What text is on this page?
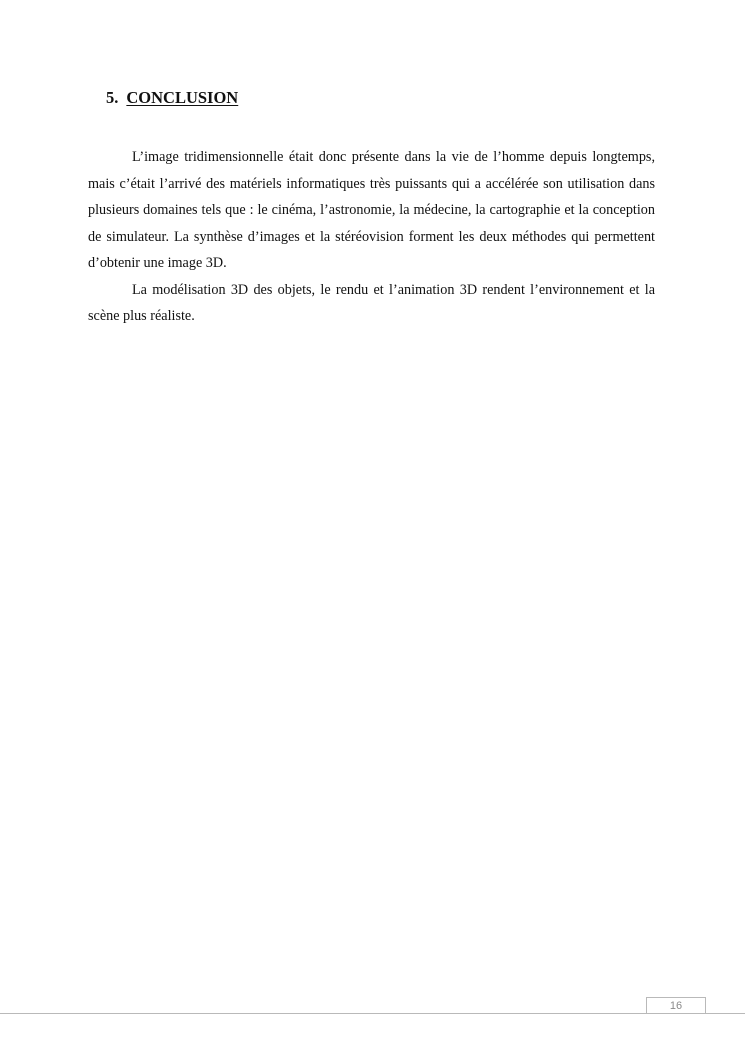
5. CONCLUSION

L’image tridimensionnelle était donc présente dans la vie de l’homme depuis longtemps, mais c’était l’arrivé des matériels informatiques très puissants qui a accélérée son utilisation dans plusieurs domaines tels que : le cinéma, l’astronomie, la médecine, la cartographie et la conception de simulateur. La synthèse d’images et la stéréovision forment les deux méthodes qui permettent d’obtenir une image 3D.

La modélisation 3D des objets, le rendu et l’animation 3D rendent l’environnement et la scène plus réaliste.

16
